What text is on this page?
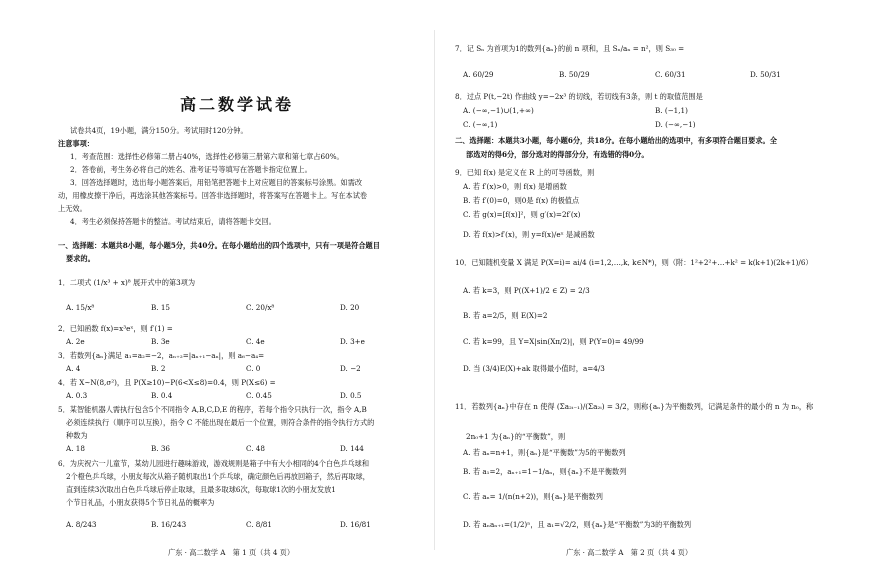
高二数学试卷
试卷共4页，19小题，满分150分。考试用时120分钟。
注意事项：
1．考查范围：选择性必修第二册占40%，选择性必修第三册第六章和第七章占60%。
2．答卷前，考生务必将自己的姓名、准考证号等填写在答题卡指定位置上。
3．回答选择题时，选出每小题答案后，用铅笔把答题卡上对应题目的答案标号涂黑。如需改
动，用橡皮擦干净后，再选涂其他答案标号。回答非选择题时，将答案写在答题卡上。写在本试卷
上无效。
4．考生必须保持答题卡的整洁。考试结束后，请将答题卡交回。
一、选择题：本题共8小题，每小题5分，共40分。在每小题给出的四个选项中，只有一项是符合题目
要求的。
1．二项式 (1/x³ + x)⁸ 展开式中的第3项为
A. 15/x⁸	B. 15	C. 20/x⁸	D. 20
2．已知函数 f(x)=x³eˣ，则 f′(1) =
A. 2e	B. 3e	C. 4e	D. 3+e
3．若数列{aₙ}满足 a₁=a₂=−2，aₙ₊₂=|aₙ₊₁−aₙ|，则 a₆−a₄=
A. 4	B. 2	C. 0	D. −2
4．若 X~N(8,σ²)，且 P(X≥10)−P(6<X≤8)=0.4，则 P(X≤6) =
A. 0.3	B. 0.4	C. 0.45	D. 0.5
5．某智能机器人需执行包含5个不同指令 A,B,C,D,E 的程序，若每个指令只执行一次，指令 A,B
必须连续执行（顺序可以互换），指令 C 不能出现在最后一个位置，则符合条件的指令执行方式的
种数为
A. 18	B. 36	C. 48	D. 144
6．为庆祝六一儿童节，某幼儿园进行趣味游戏，游戏规则是箱子中有大小相同的4个白色乒乓球和
2个橙色乒乓球，小朋友每次从箱子随机取出1个乒乓球，确定颜色后再放回箱子，然后再取球，
直到连续3次取出白色乒乓球后停止取球，且最多取球6次，每取球1次的小朋友发放1
个节日礼品，小朋友获得5个节日礼品的概率为
A. 8/243	B. 16/243	C. 8/81	D. 16/81
广东 · 高二数学 A　第 1 页（共 4 页）
7．记 Sₙ 为首项为1的数列{aₙ}的前 n 项和，且 Sₙ/aₙ = n²，则 S₃₀ =
A. 60/29	B. 50/29	C. 60/31	D. 50/31
8．过点 P(t,−2t) 作曲线 y=−2x³ 的切线，若切线有3条，则 t 的取值范围是
A. (−∞,−1)∪(1,+∞)	B. (−1,1)
C. (−∞,1)	D. (−∞,−1)
二、选择题：本题共3小题，每小题6分，共18分。在每小题给出的选项中，有多项符合题目要求。全
部选对的得6分，部分选对的得部分分，有选错的得0分。
9．已知 f(x) 是定义在 R 上的可导函数，则
A. 若 f′(x)>0，则 f(x) 是增函数
B. 若 f′(0)=0，则0是 f(x) 的极值点
C. 若 g(x)=[f(x)]²，则 g′(x)=2f′(x)
D. 若 f(x)>f′(x)，则 y=f(x)/eˣ 是减函数
10．已知随机变量 X 满足 P(X=i)= ai/4 (i=1,2,…,k, k∈N*)，则（附：1²+2²+…+k² = k(k+1)(2k+1)/6）
A. 若 k=3，则 P((X+1)/2 ∈ Z) = 2/3
B. 若 a=2/5，则 E(X)=2
C. 若 k=99，且 Y=X|sin(Xπ/2)|，则 P(Y=0)= 49/99
D. 当 (3/4)E(X)+ak 取得最小值时，a=4/3
11．若数列{aₙ}中存在 n 使得 (Σa₂ᵢ₋₁)/(Σa₂ᵢ) = 3/2，则称{aₙ}为平衡数列，记满足条件的最小的 n 为 n₀，称
2n₀+1 为{aₙ}的“平衡数”，则
A. 若 aₙ=n+1，则{aₙ}是“平衡数”为5的平衡数列
B. 若 a₁=2，aₙ₊₁=1−1/aₙ，则{aₙ}不是平衡数列
C. 若 aₙ= 1/(n(n+2))，则{aₙ}是平衡数列
D. 若 aₙaₙ₊₁=(1/2)ⁿ，且 a₁=√2/2，则{aₙ}是“平衡数”为3的平衡数列
广东 · 高二数学 A　第 2 页（共 4 页）
